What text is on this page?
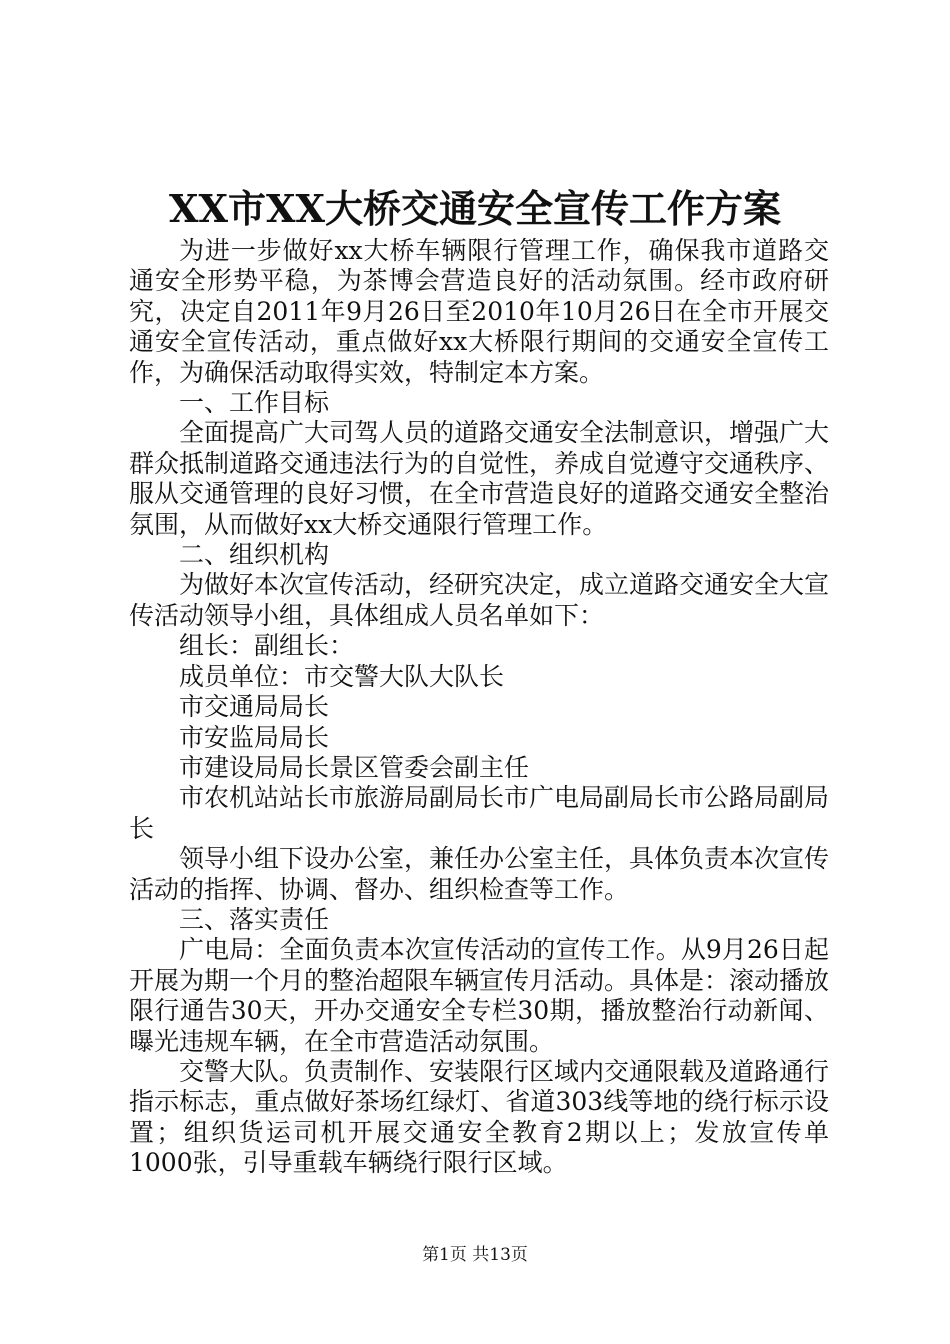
XX市XX大桥交通安全宣传工作方案

为进一步做好xx大桥车辆限行管理工作，确保我市道路交通安全形势平稳，为茶博会营造良好的活动氛围。经市政府研究，决定自2011年9月26日至2010年10月26日在全市开展交通安全宣传活动，重点做好xx大桥限行期间的交通安全宣传工作，为确保活动取得实效，特制定本方案。

一、工作目标

全面提高广大司驾人员的道路交通安全法制意识，增强广大群众抵制道路交通违法行为的自觉性，养成自觉遵守交通秩序、服从交通管理的良好习惯，在全市营造良好的道路交通安全整治氛围，从而做好xx大桥交通限行管理工作。

二、组织机构

为做好本次宣传活动，经研究决定，成立道路交通安全大宣传活动领导小组，具体组成人员名单如下：

组长：副组长：

成员单位：市交警大队大队长

市交通局局长

市安监局局长

市建设局局长景区管委会副主任

市农机站站长市旅游局副局长市广电局副局长市公路局副局长

领导小组下设办公室，兼任办公室主任，具体负责本次宣传活动的指挥、协调、督办、组织检查等工作。

三、落实责任

广电局：全面负责本次宣传活动的宣传工作。从9月26日起开展为期一个月的整治超限车辆宣传月活动。具体是：滚动播放限行通告30天，开办交通安全专栏30期，播放整治行动新闻、曝光违规车辆，在全市营造活动氛围。

交警大队。负责制作、安装限行区域内交通限载及道路通行指示标志，重点做好茶场红绿灯、省道303线等地的绕行标示设置；组织货运司机开展交通安全教育2期以上；发放宣传单1000张，引导重载车辆绕行限行区域。

第1页 共13页
